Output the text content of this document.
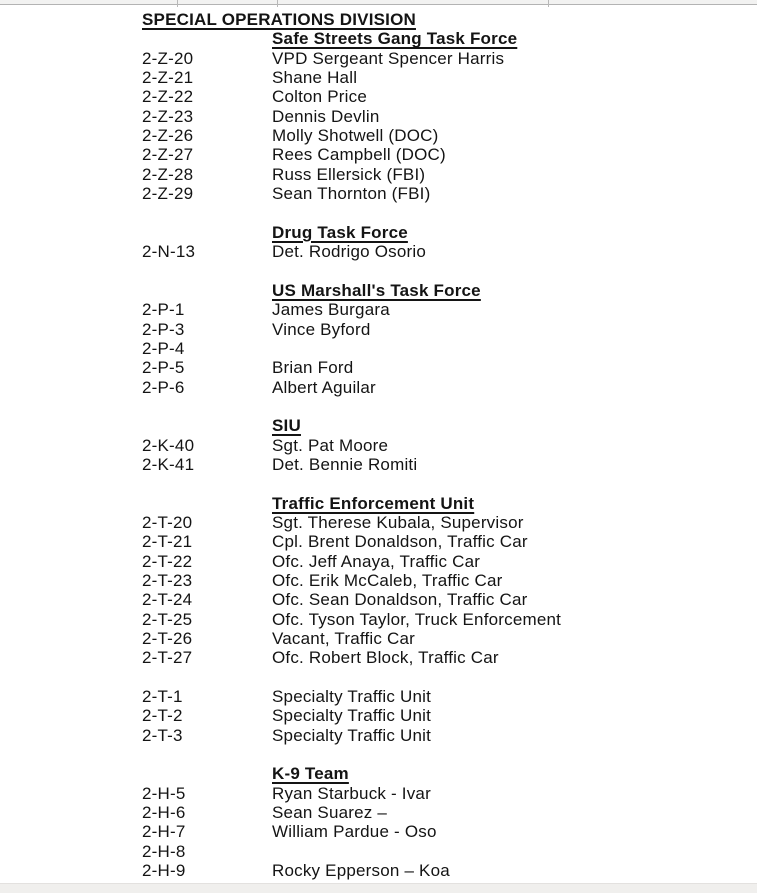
SPECIAL OPERATIONS DIVISION
Safe Streets Gang Task Force
2-Z-20	VPD Sergeant Spencer Harris
2-Z-21	Shane Hall
2-Z-22	Colton Price
2-Z-23	Dennis Devlin
2-Z-26	Molly Shotwell (DOC)
2-Z-27	Rees Campbell (DOC)
2-Z-28	Russ Ellersick (FBI)
2-Z-29	Sean Thornton (FBI)
Drug Task Force
2-N-13	Det. Rodrigo Osorio
US Marshall's Task Force
2-P-1	James Burgara
2-P-3	Vince Byford
2-P-4
2-P-5	Brian Ford
2-P-6	Albert Aguilar
SIU
2-K-40	Sgt. Pat Moore
2-K-41	Det. Bennie Romiti
Traffic Enforcement Unit
2-T-20	Sgt. Therese Kubala, Supervisor
2-T-21	Cpl. Brent Donaldson, Traffic Car
2-T-22	Ofc. Jeff Anaya, Traffic Car
2-T-23	Ofc. Erik McCaleb, Traffic Car
2-T-24	Ofc. Sean Donaldson, Traffic Car
2-T-25	Ofc. Tyson Taylor, Truck Enforcement
2-T-26	Vacant, Traffic Car
2-T-27	Ofc. Robert Block, Traffic Car
2-T-1	Specialty Traffic Unit
2-T-2	Specialty Traffic Unit
2-T-3	Specialty Traffic Unit
K-9 Team
2-H-5	Ryan Starbuck - Ivar
2-H-6	Sean Suarez –
2-H-7	William Pardue - Oso
2-H-8
2-H-9	Rocky Epperson – Koa
